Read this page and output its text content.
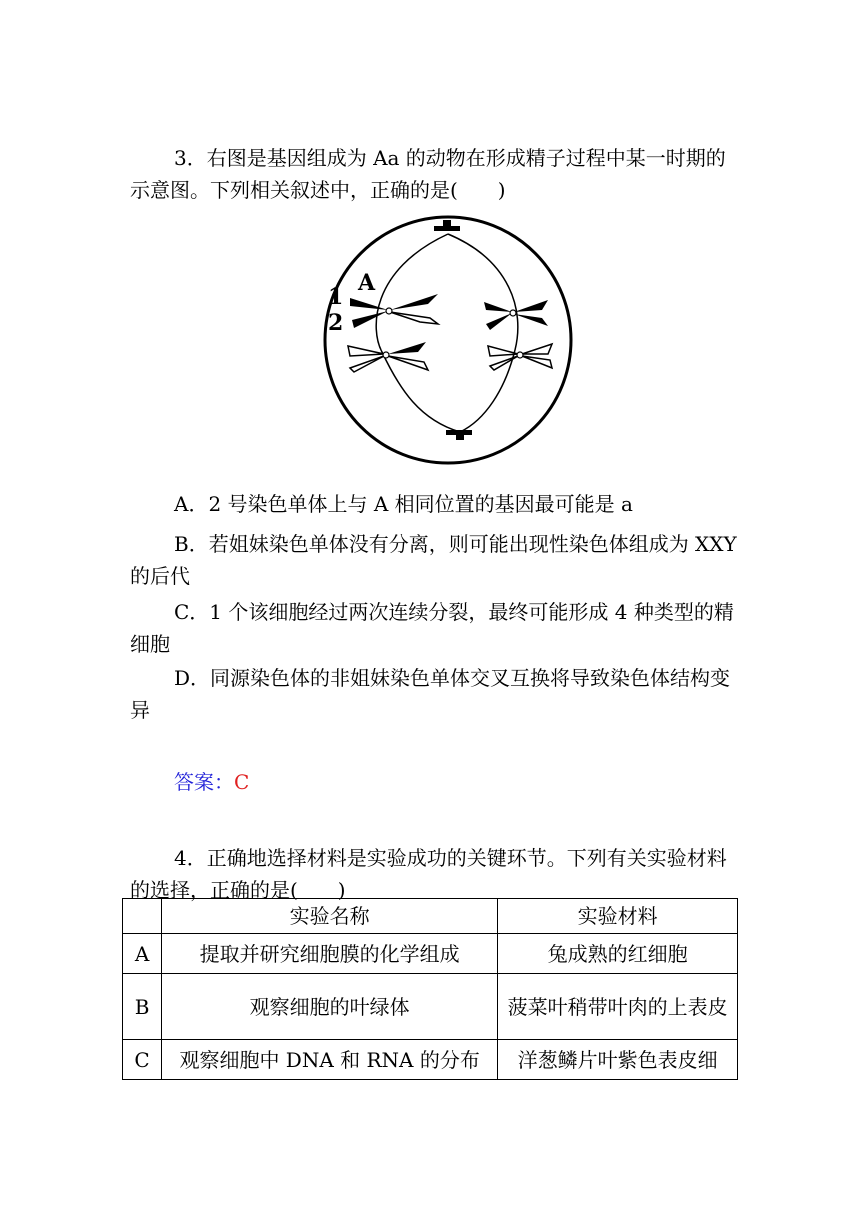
3．右图是基因组成为 Aa 的动物在形成精子过程中某一时期的示意图。下列相关叙述中，正确的是(　　)

1
2
A

A．2 号染色单体上与 A 相同位置的基因最可能是 a

B．若姐妹染色单体没有分离，则可能出现性染色体组成为 XXY 的后代

C．1 个该细胞经过两次连续分裂，最终可能形成 4 种类型的精细胞

D．同源染色体的非姐妹染色单体交叉互换将导致染色体结构变异

答案：C

4．正确地选择材料是实验成功的关键环节。下列有关实验材料的选择，正确的是(　　)

	实验名称	实验材料
A	提取并研究细胞膜的化学组成	兔成熟的红细胞
B	观察细胞的叶绿体	菠菜叶稍带叶肉的上表皮
C	观察细胞中 DNA 和 RNA 的分布	洋葱鳞片叶紫色表皮细
